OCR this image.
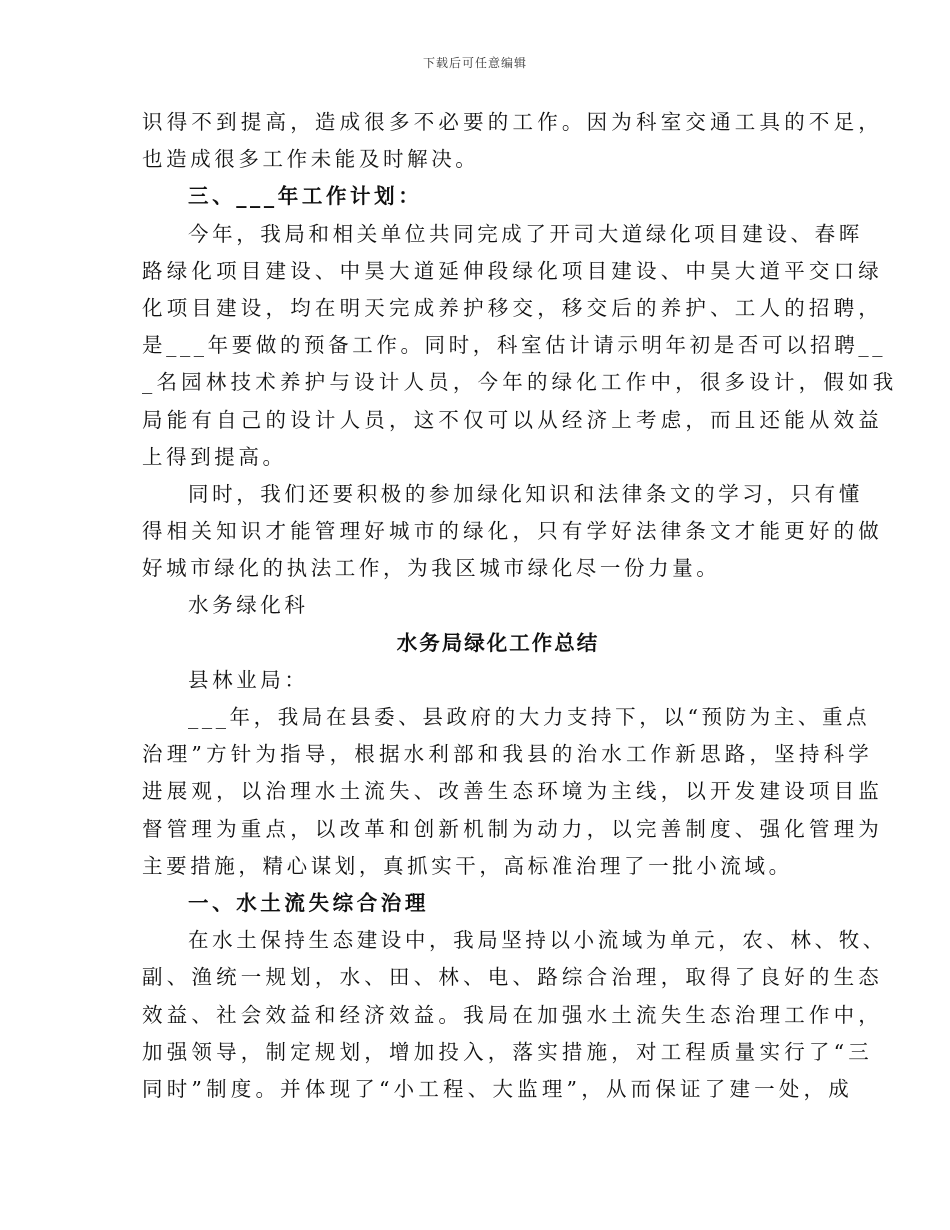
下载后可任意编辑
识得不到提高，造成很多不必要的工作。因为科室交通工具的不足，
也造成很多工作未能及时解决。
三、___年工作计划：
今年，我局和相关单位共同完成了开司大道绿化项目建设、春晖
路绿化项目建设、中昊大道延伸段绿化项目建设、中昊大道平交口绿
化项目建设，均在明天完成养护移交，移交后的养护、工人的招聘，
是___年要做的预备工作。同时，科室估计请示明年初是否可以招聘__
_名园林技术养护与设计人员，今年的绿化工作中，很多设计，假如我
局能有自己的设计人员，这不仅可以从经济上考虑，而且还能从效益
上得到提高。
同时，我们还要积极的参加绿化知识和法律条文的学习，只有懂
得相关知识才能管理好城市的绿化，只有学好法律条文才能更好的做
好城市绿化的执法工作，为我区城市绿化尽一份力量。
水务绿化科
水务局绿化工作总结
县林业局：
___年，我局在县委、县政府的大力支持下，以“预防为主、重点
治理”方针为指导，根据水利部和我县的治水工作新思路，坚持科学
进展观，以治理水土流失、改善生态环境为主线，以开发建设项目监
督管理为重点，以改革和创新机制为动力，以完善制度、强化管理为
主要措施，精心谋划，真抓实干，高标准治理了一批小流域。
一、水土流失综合治理
在水土保持生态建设中，我局坚持以小流域为单元，农、林、牧、
副、渔统一规划，水、田、林、电、路综合治理，取得了良好的生态
效益、社会效益和经济效益。我局在加强水土流失生态治理工作中，
加强领导，制定规划，增加投入，落实措施，对工程质量实行了“三
同时”制度。并体现了“小工程、大监理”，从而保证了建一处，成
